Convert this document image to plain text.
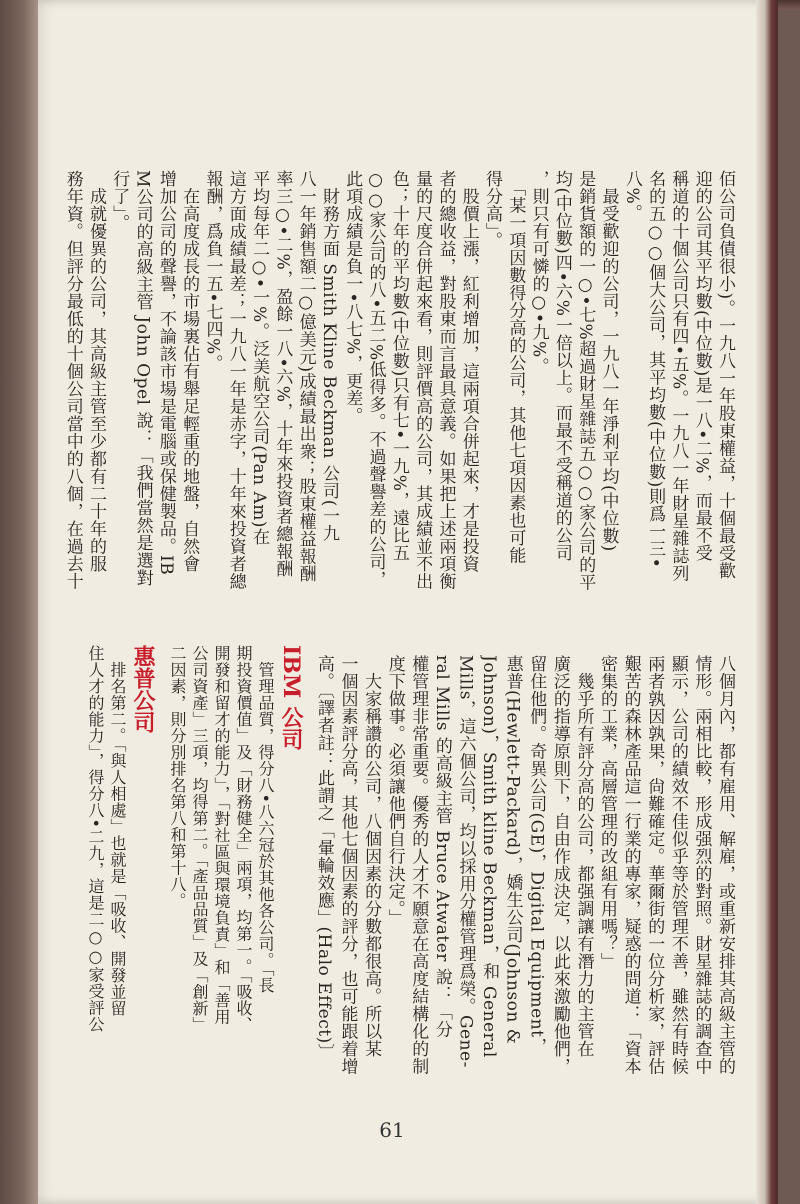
佰公司負債很小)。一九八一年股東權益，十個最受歡
迎的公司其平均數(中位數)是一八•二%，而最不受
稱道的十個公司只有四•五%。一九八一年財星雜誌列
名的五○○個大公司，其平均數(中位數)則爲一三•
八%。
　最受歡迎的公司，一九八一年淨利平均(中位數)
是銷貨額的一○•七%超過財星雜誌五○○家公司的平
均(中位數)四•六%一倍以上。而最不受稱道的公司
，則只有可憐的○•九%。
　「某一項因數得分高的公司，其他七項因素也可能
得分高」。
　股價上漲，紅利增加，這兩項合併起來，才是投資
者的總收益，對股東而言最具意義。如果把上述兩項衡
量的尺度合併起來看，則評價高的公司，其成績並不出
色；十年的平均數(中位數)只有七•一九%，遠比五
○○家公司的八•五二%低得多。不過聲譽差的公司，
此項成績是負一•八七%，更差。
　財務方面 Smith Kline Beckman 公司(一九
八一年銷售額二○億美元)成績最出衆；股東權益報酬
率三○•二%，盈餘一八•六%，十年來投資者總報酬
平均每年二○•一%。泛美航空公司(Pan Am)在
這方面成績最差；一九八一年是赤字，十年來投資者總
報酬，爲負一五•七四%。
　在高度成長的市場裏佔有舉足輕重的地盤，自然會
增加公司的聲譽，不論該市場是電腦或保健製品。IB
M公司的高級主管 John Opel 說：「我們當然是選對
行了」。
　成就優異的公司，其高級主管至少都有二十年的服
務年資。但評分最低的十個公司當中的八個，在過去十
八個月內，都有雇用、解雇，或重新安排其高級主管的
情形。兩相比較，形成强烈的對照。財星雜誌的調查中
顯示，公司的績效不佳似乎等於管理不善，雖然有時候
兩者孰因孰果，尙難確定。華爾街的一位分析家，評估
艱苦的森林產品這一行業的專家，疑惑的問道：「資本
密集的工業，高層管理的改組有用嗎？」
　幾乎所有評分高的公司，都强調讓有潛力的主管在
廣泛的指導原則下，自由作成決定，以此來激勵他們，
留住他們。奇異公司(GE)，Digital Equipment，
惠普(Hewlett-Packard)，嬌生公司(Johnson &
Johnson)，Smith kline Beckman，和 General
Mills，這六個公司，均以採用分權管理爲榮。Gene-
ral Mills 的高級主管 Bruce Atwater 說：「分
權管理非常重要。優秀的人才不願意在高度結構化的制
度下做事。必須讓他們自行決定。」
　大家稱讚的公司，八個因素的分數都很高。所以某
一個因素評分高，其他七個因素的評分，也可能跟着增
高。〔譯者註：此謂之「暈輪效應」(Halo Effect)〕
IBM 公司
　管理品質，得分八•八六冠於其他各公司。「長
期投資價值」及「財務健全」兩項，均第一。「吸收、
開發和留才的能力」，「對社區與環境負責」和「善用
公司資產」三項，均得第二。「產品品質」及「創新」
二因素，則分別排名第八和第十八。
惠普公司
　排名第二。「與人相處」也就是「吸收、開發並留
住人才的能力」，得分八•二九，這是二○○家受評公
61
